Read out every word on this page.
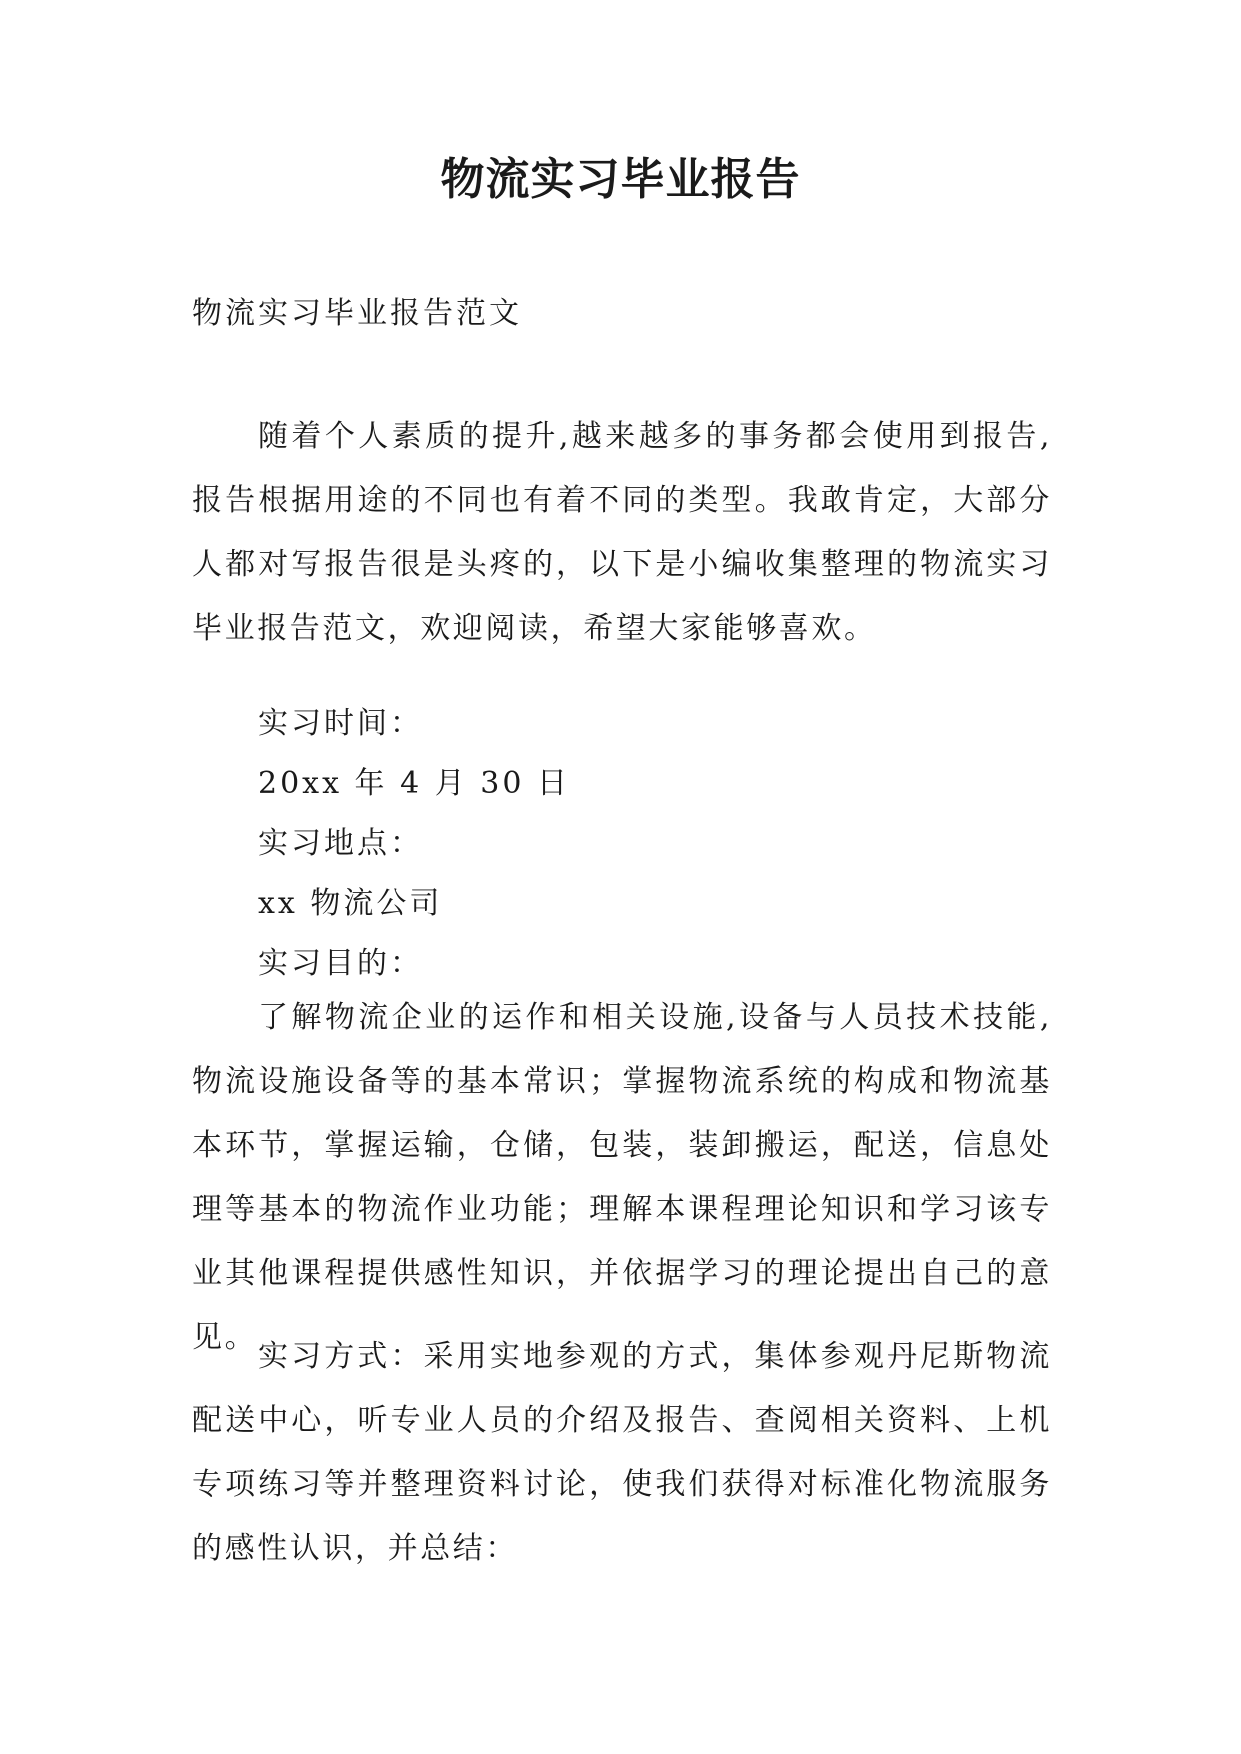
物流实习毕业报告

物流实习毕业报告范文

随着个人素质的提升,越来越多的事务都会使用到报告,报告根据用途的不同也有着不同的类型。我敢肯定，大部分人都对写报告很是头疼的，以下是小编收集整理的物流实习毕业报告范文，欢迎阅读，希望大家能够喜欢。

实习时间：

20xx 年 4 月 30 日

实习地点：

xx 物流公司

实习目的：

了解物流企业的运作和相关设施,设备与人员技术技能,物流设施设备等的基本常识；掌握物流系统的构成和物流基本环节，掌握运输，仓储，包装，装卸搬运，配送，信息处理等基本的物流作业功能；理解本课程理论知识和学习该专业其他课程提供感性知识，并依据学习的理论提出自己的意见。

实习方式：采用实地参观的方式，集体参观丹尼斯物流配送中心，听专业人员的介绍及报告、查阅相关资料、上机专项练习等并整理资料讨论，使我们获得对标准化物流服务的感性认识，并总结：
